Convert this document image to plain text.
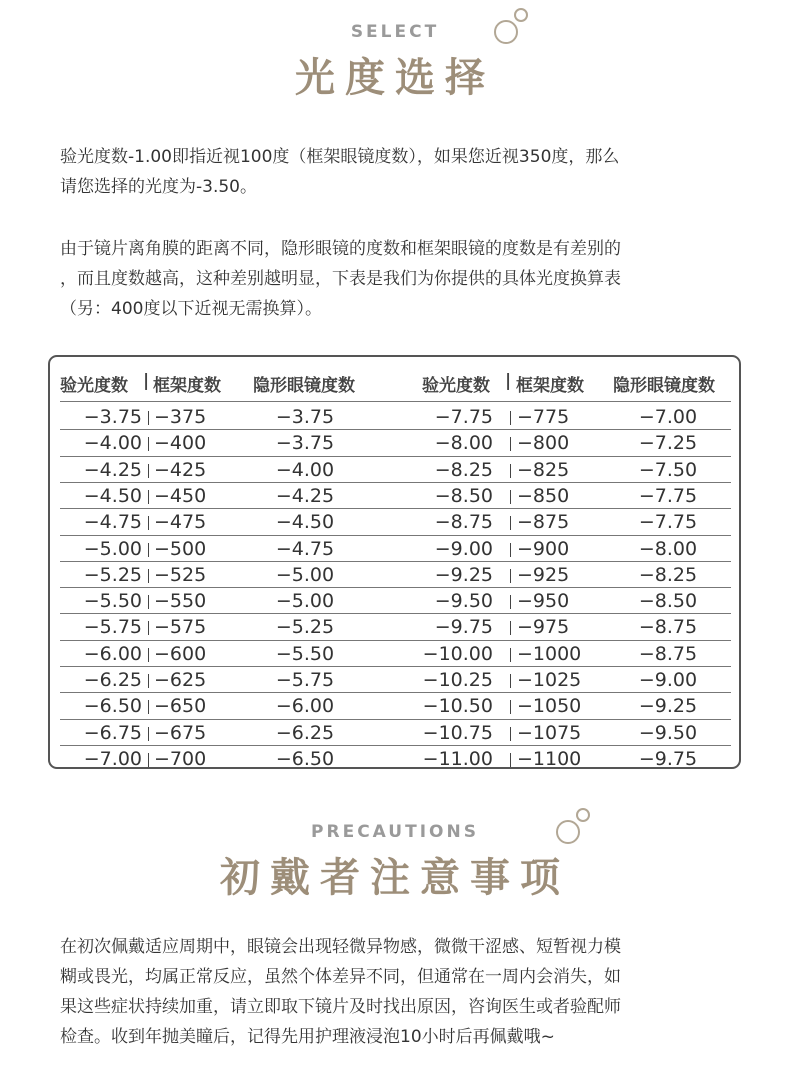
SELECT
光度选择

验光度数-1.00即指近视100度（框架眼镜度数），如果您近视350度，那么

请您选择的光度为-3.50。

由于镜片离角膜的距离不同，隐形眼镜的度数和框架眼镜的度数是有差别的

，而且度数越高，这种差别越明显，下表是我们为你提供的具体光度换算表

（另：400度以下近视无需换算）。

验光度数 | 框架度数 隐形眼镜度数	验光度数 | 框架度数 隐形眼镜度数
−3.75 −375	−3.75	−7.75 −775	−7.00
−4.00 −400	−3.75	−8.00 −800	−7.25
−4.25 −425	−4.00	−8.25 −825	−7.50
−4.50 −450	−4.25	−8.50 −850	−7.75
−4.75 −475	−4.50	−8.75 −875	−7.75
−5.00 −500	−4.75	−9.00 −900	−8.00
−5.25 −525	−5.00	−9.25 −925	−8.25
−5.50 −550	−5.00	−9.50 −950	−8.50
−5.75 −575	−5.25	−9.75 −975	−8.75
−6.00 −600	−5.50	−10.00 −1000	−8.75
−6.25 −625	−5.75	−10.25 −1025	−9.00
−6.50 −650	−6.00	−10.50 −1050	−9.25
−6.75 −675	−6.25	−10.75 −1075	−9.50
−7.00 −700	−6.50	−11.00 −1100	−9.75
PRECAUTIONS
初戴者注意事项
在初次佩戴适应周期中，眼镜会出现轻微异物感，微微干涩感、短暂视力模
糊或畏光，均属正常反应，虽然个体差异不同，但通常在一周内会消失，如
果这些症状持续加重，请立即取下镜片及时找出原因，咨询医生或者验配师
检查。收到年抛美瞳后，记得先用护理液浸泡10小时后再佩戴哦~
